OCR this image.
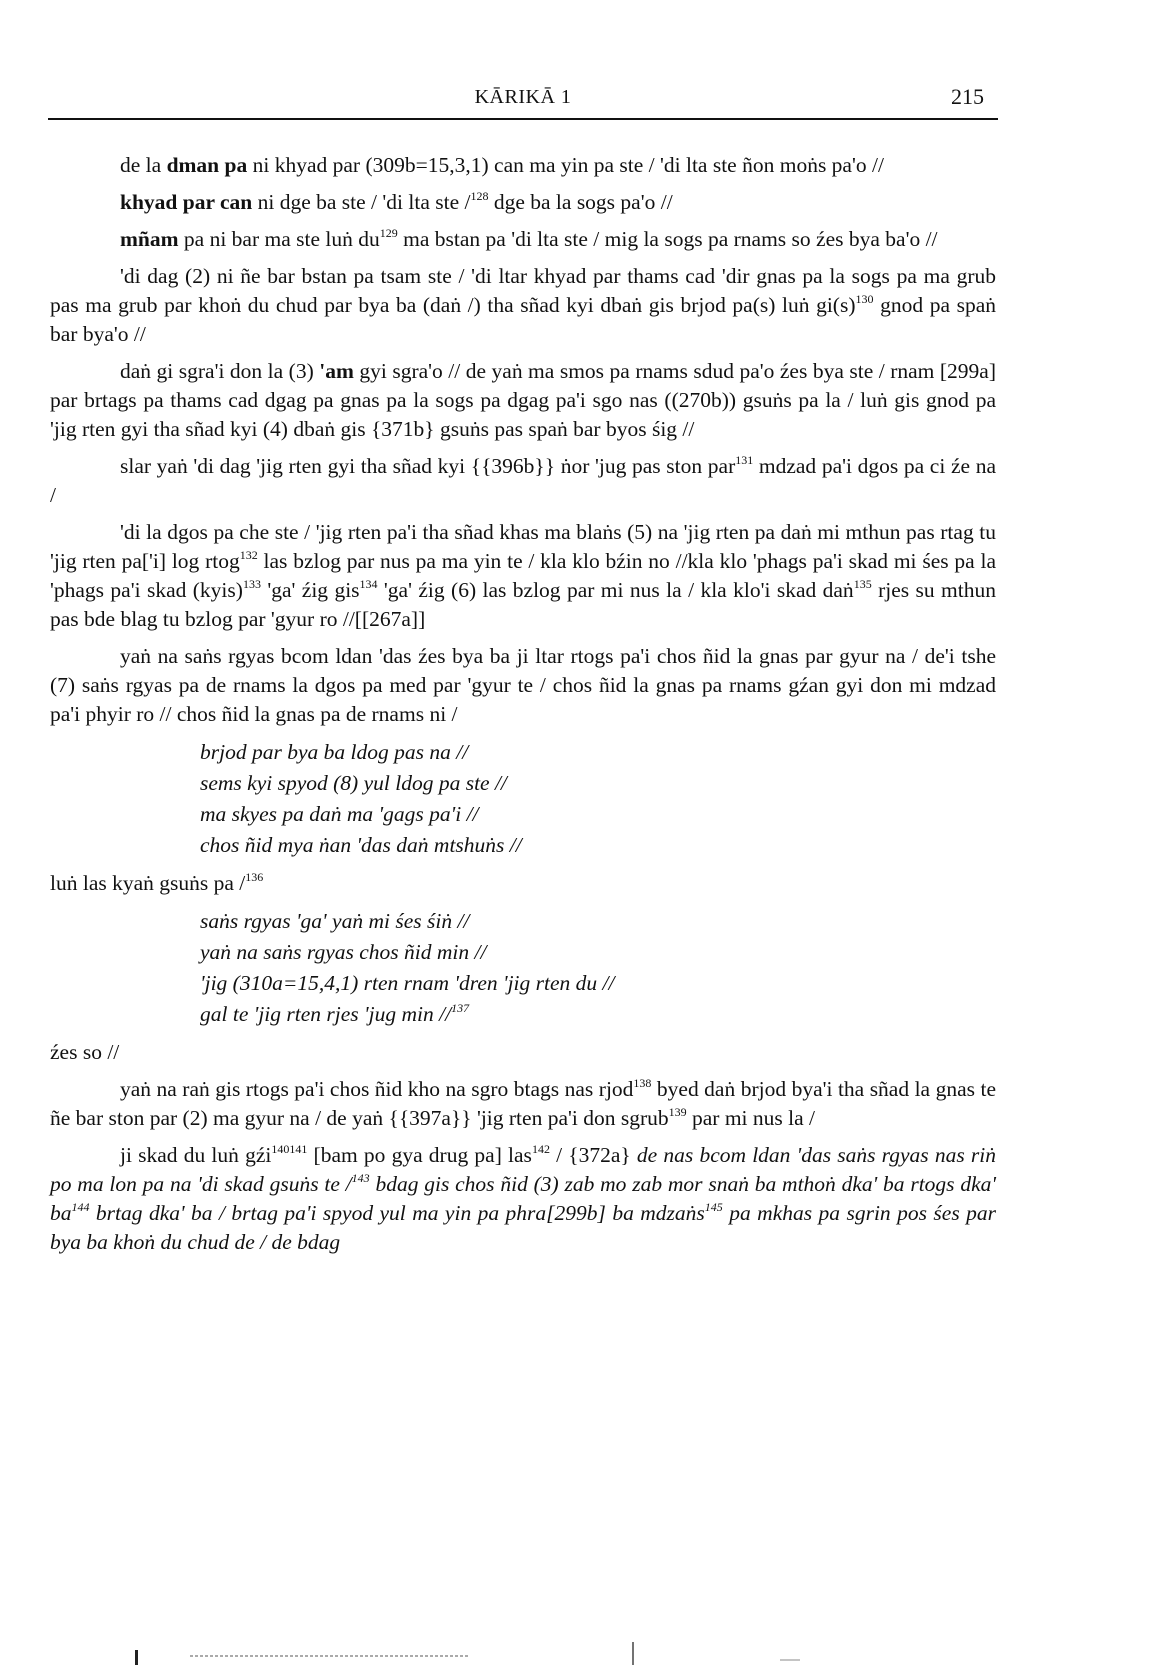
KĀRIKĀ 1	215

de la dman pa ni khyad par (309b=15,3,1) can ma yin pa ste / 'di lta ste ñon moṅs pa'o //

khyad par can ni dge ba ste / 'di lta ste /$^{128}$ dge ba la sogs pa'o //

mñam pa ni bar ma ste luṅ $du^{129}$ ma bstan pa 'di lta ste / mig la sogs pa rnams so źes bya ba'o //

'di dag (2) ni ñe bar bstan pa tsam ste / 'di ltar khyad par thams cad 'dir gnas pa la sogs pa ma grub pas ma grub par khoṅ du chud par bya ba (daṅ /) tha sñad kyi dbaṅ gis brjod pa(s) luṅ $gi(s)^{130}$ gnod pa spaṅ bar bya'o //

daṅ gi sgra'i don la (3) 'am gyi sgra'o // de yaṅ ma smos pa rnams sdud pa'o źes bya ste / rnam [299a] par brtags pa thams cad dgag pa gnas pa la sogs pa dgag pa'i sgo nas ((270b)) gsuṅs pa la / luṅ gis gnod pa 'jig rten gyi tha sñad kyi (4) dbaṅ gis {371b} gsuṅs pas spaṅ bar byos śig //

slar yaṅ 'di dag 'jig rten gyi tha sñad kyi {{396b}} ṅor 'jug pas ston par$^{131}$ mdzad pa'i dgos pa ci źe na /

'di la dgos pa che ste / 'jig rten pa'i tha sñad khas ma blaṅs (5) na 'jig rten pa daṅ mi mthun pas rtag tu 'jig rten pa['i] log rtog$^{132}$ las bzlog par nus pa ma yin te / kla klo bźin no //kla klo 'phags pa'i skad mi śes pa la 'phags pa'i skad (kyis)$^{133}$ 'ga' źig gis$^{134}$ 'ga' źig (6) las bzlog par mi nus la / kla klo'i skad daṅ$^{135}$ rjes su mthun pas bde blag tu bzlog par 'gyur ro //[[267a]]

yaṅ na saṅs rgyas bcom ldan 'das źes bya ba ji ltar rtogs pa'i chos ñid la gnas par gyur na / de'i tshe (7) saṅs rgyas pa de rnams la dgos pa med par 'gyur te / chos ñid la gnas pa rnams gźan gyi don mi mdzad pa'i phyir ro // chos ñid la gnas pa de rnams ni /

brjod par bya ba ldog pas na //
sems kyi spyod (8) yul ldog pa ste //
ma skyes pa daṅ ma 'gags pa'i //
chos ñid mya ṅan 'das daṅ mtshuṅs //

luṅ las kyaṅ gsuṅs pa /$^{136}$

saṅs rgyas 'ga' yaṅ mi śes śiṅ //
yaṅ na saṅs rgyas chos ñid min //
'jig (310a=15,4,1) rten rnam 'dren 'jig rten du //
gal te 'jig rten rjes 'jug min //$^{137}$

źes so //

yaṅ na raṅ gis rtogs pa'i chos ñid kho na sgro btags nas rjod$^{138}$ byed daṅ brjod bya'i tha sñad la gnas te ñe bar ston par (2) ma gyur na / de yaṅ {{397a}} 'jig rten pa'i don sgrub$^{139}$ par mi nus la /

ji skad du luṅ gźi$^{140141}$ [bam po gya drug pa] las$^{142}$ / {372a} de nas bcom ldan 'das saṅs rgyas nas riṅ po ma lon pa na 'di skad gsuṅs te /$^{143}$ bdag gis chos ñid (3) zab mo zab mor snaṅ ba mthoṅ dka' ba rtogs dka' $ba^{144}$ brtag dka' ba / brtag pa'i spyod yul ma yin pa phra[299b] ba mdzaṅs$^{145}$ pa mkhas pa sgrin pos śes par bya ba khoṅ du chud de / de bdag
